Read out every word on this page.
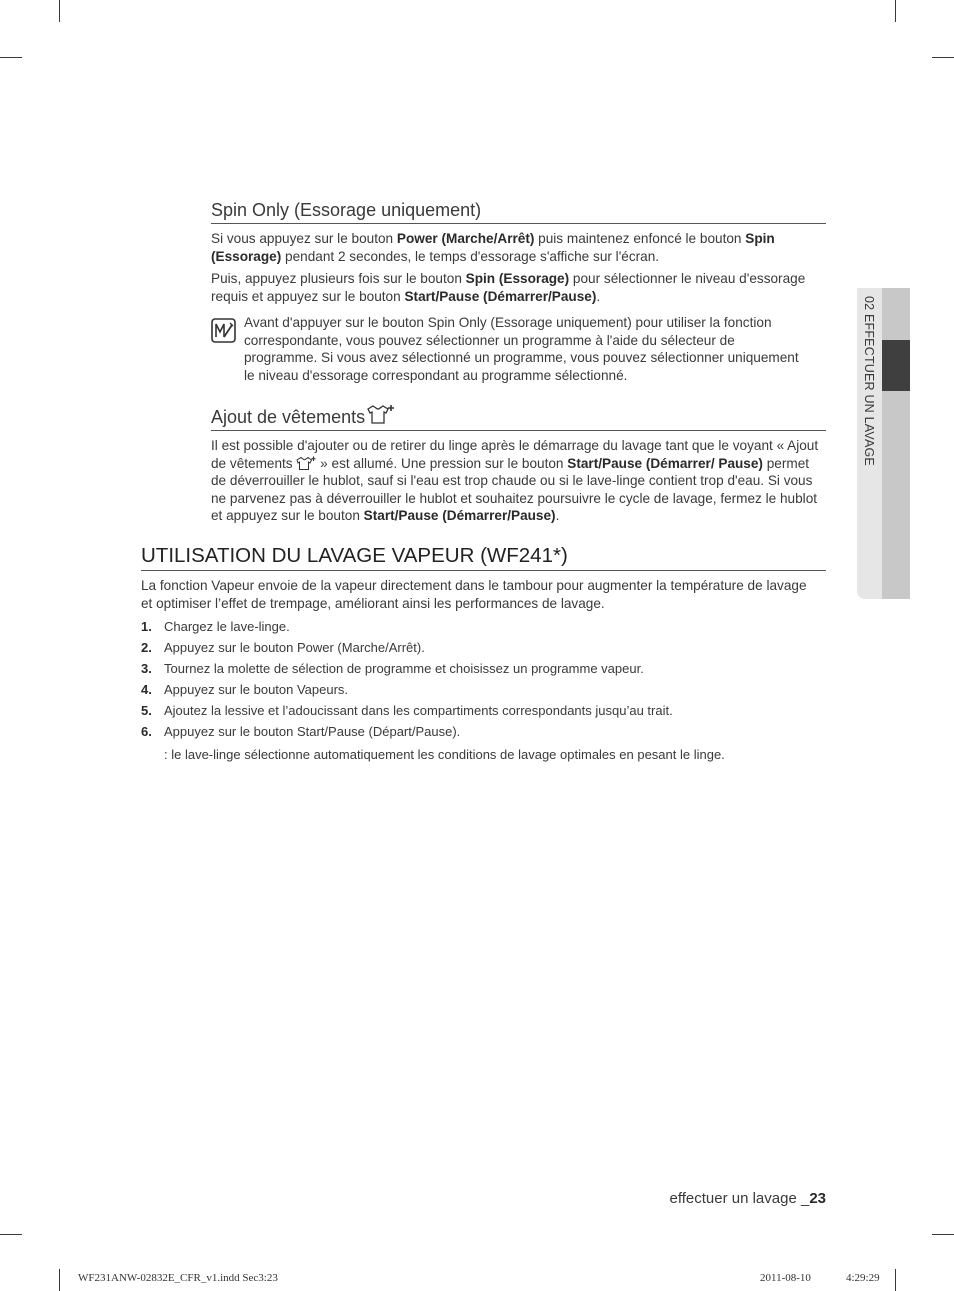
02 EFFECTUER UN LAVAGE
Spin Only (Essorage uniquement)

Si vous appuyez sur le bouton Power (Marche/Arrêt) puis maintenez enfoncé le bouton Spin (Essorage) pendant 2 secondes, le temps d'essorage s'affiche sur l'écran.

Puis, appuyez plusieurs fois sur le bouton Spin (Essorage) pour sélectionner le niveau d'essorage requis et appuyez sur le bouton Start/Pause (Démarrer/Pause).

Avant d'appuyer sur le bouton Spin Only (Essorage uniquement) pour utiliser la fonction correspondante, vous pouvez sélectionner un programme à l'aide du sélecteur de programme. Si vous avez sélectionné un programme, vous pouvez sélectionner uniquement le niveau d'essorage correspondant au programme sélectionné.

Ajout de vêtements

Il est possible d'ajouter ou de retirer du linge après le démarrage du lavage tant que le voyant « Ajout de vêtements  » est allumé. Une pression sur le bouton Start/Pause (Démarrer/ Pause) permet de déverrouiller le hublot, sauf si l'eau est trop chaude ou si le lave-linge contient trop d'eau. Si vous ne parvenez pas à déverrouiller le hublot et souhaitez poursuivre le cycle de lavage, fermez le hublot et appuyez sur le bouton Start/Pause (Démarrer/Pause).

UTILISATION DU LAVAGE VAPEUR (WF241*)

La fonction Vapeur envoie de la vapeur directement dans le tambour pour augmenter la température de lavage et optimiser l’effet de trempage, améliorant ainsi les performances de lavage.

1. Chargez le lave-linge.
2. Appuyez sur le bouton Power (Marche/Arrêt).
3. Tournez la molette de sélection de programme et choisissez un programme vapeur.
4. Appuyez sur le bouton Vapeurs.
5. Ajoutez la lessive et l’adoucissant dans les compartiments correspondants jusqu’au trait.
6. Appuyez sur le bouton Start/Pause (Départ/Pause).

: le lave-linge sélectionne automatiquement les conditions de lavage optimales en pesant le linge.

effectuer un lavage _23
WF231ANW-02832E_CFR_v1.indd Sec3:23	2011-08-10	4:29:29
